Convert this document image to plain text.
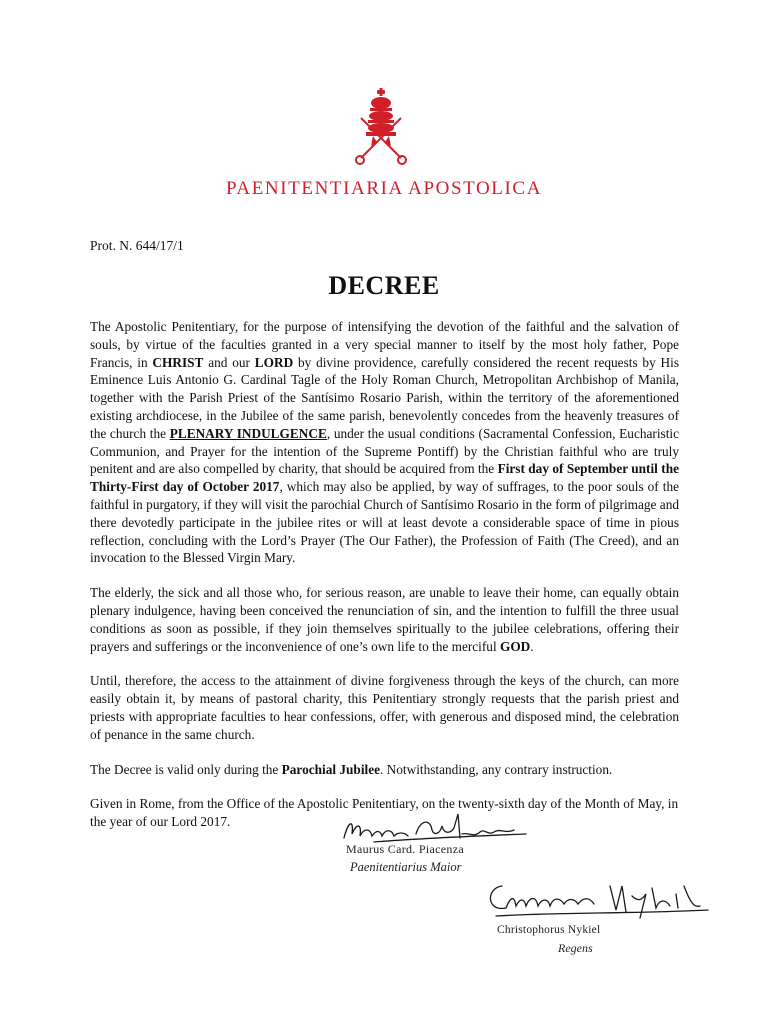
PAENITENTIARIA APOSTOLICA
Prot. N. 644/17/1
DECREE

The Apostolic Penitentiary, for the purpose of intensifying the devotion of the faithful and the salvation of souls, by virtue of the faculties granted in a very special manner to itself by the most holy father, Pope Francis, in CHRIST and our LORD by divine providence, carefully considered the recent requests by His Eminence Luis Antonio G. Cardinal Tagle of the Holy Roman Church, Metropolitan Archbishop of Manila, together with the Parish Priest of the Santísimo Rosario Parish, within the territory of the aforementioned existing archdiocese, in the Jubilee of the same parish, benevolently concedes from the heavenly treasures of the church the PLENARY INDULGENCE, under the usual conditions (Sacramental Confession, Eucharistic Communion, and Prayer for the intention of the Supreme Pontiff) by the Christian faithful who are truly penitent and are also compelled by charity, that should be acquired from the First day of September until the Thirty-First day of October 2017, which may also be applied, by way of suffrages, to the poor souls of the faithful in purgatory, if they will visit the parochial Church of Santísimo Rosario in the form of pilgrimage and there devotedly participate in the jubilee rites or will at least devote a considerable space of time in pious reflection, concluding with the Lord’s Prayer (The Our Father), the Profession of Faith (The Creed), and an invocation to the Blessed Virgin Mary.

The elderly, the sick and all those who, for serious reason, are unable to leave their home, can equally obtain plenary indulgence, having been conceived the renunciation of sin, and the intention to fulfill the three usual conditions as soon as possible, if they join themselves spiritually to the jubilee celebrations, offering their prayers and sufferings or the inconvenience of one’s own life to the merciful GOD.

Until, therefore, the access to the attainment of divine forgiveness through the keys of the church, can more easily obtain it, by means of pastoral charity, this Penitentiary strongly requests that the parish priest and priests with appropriate faculties to hear confessions, offer, with generous and disposed mind, the celebration of penance in the same church.

The Decree is valid only during the Parochial Jubilee. Notwithstanding, any contrary instruction.

Given in Rome, from the Office of the Apostolic Penitentiary, on the twenty-sixth day of the Month of May, in the year of our Lord 2017.

Maurus Card. Piacenza
Paenitentiarius Maior
Christophorus Nykiel
Regens
